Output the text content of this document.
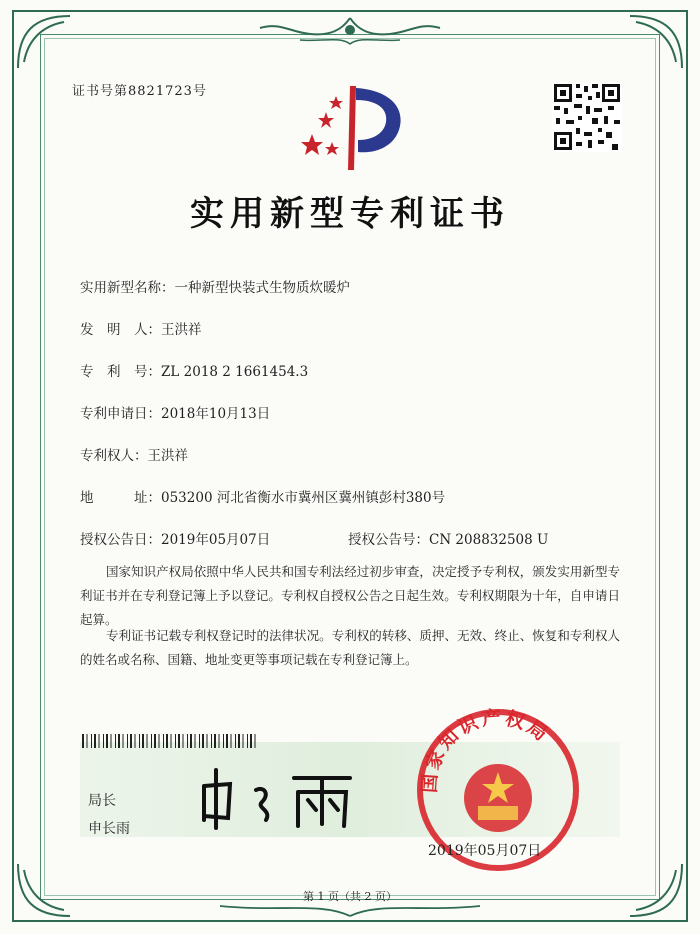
证书号第8821723号
实用新型专利证书
实用新型名称：一种新型快装式生物质炊暖炉
发　明　人：王洪祥
专　利　号：ZL 2018 2 1661454.3
专利申请日：2018年10月13日
专利权人：王洪祥
地　　　址：053200 河北省衡水市冀州区冀州镇彭村380号
授权公告日：2019年05月07日	授权公告号：CN 208832508 U
国家知识产权局依照中华人民共和国专利法经过初步审查，决定授予专利权，颁发实用新型专利证书并在专利登记簿上予以登记。专利权自授权公告之日起生效。专利权期限为十年，自申请日起算。
专利证书记载专利权登记时的法律状况。专利权的转移、质押、无效、终止、恢复和专利权人的姓名或名称、国籍、地址变更等事项记载在专利登记簿上。
局长
申长雨
国家知识产权局
2019年05月07日
第 1 页（共 2 页）
